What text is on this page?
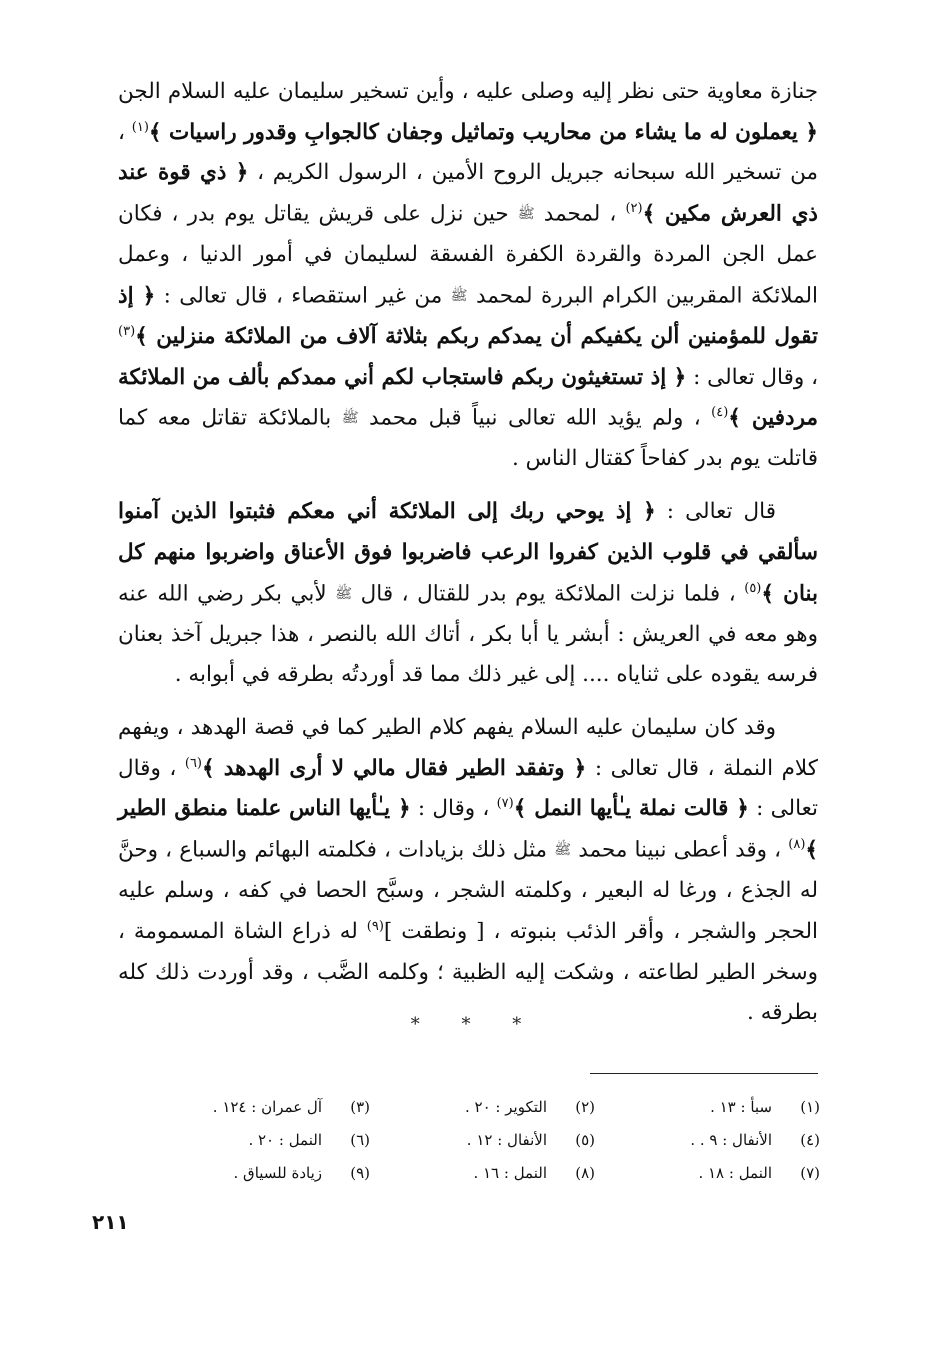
جنازة معاوية حتى نظر إليه وصلى عليه ، وأين تسخير سليمان عليه السلام الجن ﴿ يعملون له ما يشاء من محاريب وتماثيل وجفان كالجوابِ وقدور راسيات ﴾$^{(١)}$ ، من تسخير الله سبحانه جبريل الروح الأمين ، الرسول الكريم ، ﴿ ذي قوة عند ذي العرش مكين ﴾$^{(٢)}$ ، لمحمد ﷺ حين نزل على قريش يقاتل يوم بدر ، فكان عمل الجن المردة والقردة الكفرة الفسقة لسليمان في أمور الدنيا ، وعمل الملائكة المقربين الكرام البررة لمحمد ﷺ من غير استقصاء ، قال تعالى : ﴿ إذ تقول للمؤمنين ألن يكفيكم أن يمدكم ربكم بثلاثة آلاف من الملائكة منزلين ﴾$^{(٣)}$ ، وقال تعالى : ﴿ إذ تستغيثون ربكم فاستجاب لكم أني ممدكم بألف من الملائكة مردفين ﴾$^{(٤)}$ ، ولم يؤيد الله تعالى نبياً قبل محمد ﷺ بالملائكة تقاتل معه كما قاتلت يوم بدر كفاحاً كقتال الناس .

قال تعالى : ﴿ إذ يوحي ربك إلى الملائكة أني معكم فثبتوا الذين آمنوا سألقي في قلوب الذين كفروا الرعب فاضربوا فوق الأعناق واضربوا منهم كل بنان ﴾$^{(٥)}$ ، فلما نزلت الملائكة يوم بدر للقتال ، قال ﷺ لأبي بكر رضي الله عنه وهو معه في العريش : أبشر يا أبا بكر ، أتاك الله بالنصر ، هذا جبريل آخذ بعنان فرسه يقوده على ثناياه .... إلى غير ذلك مما قد أوردتُه بطرقه في أبوابه .

وقد كان سليمان عليه السلام يفهم كلام الطير كما في قصة الهدهد ، ويفهم كلام النملة ، قال تعالى : ﴿ وتفقد الطير فقال مالي لا أرى الهدهد ﴾$^{(٦)}$ ، وقال تعالى : ﴿ قالت نملة يـٰأيها النمل ﴾$^{(٧)}$ ، وقال : ﴿ يـٰأيها الناس علمنا منطق الطير ﴾$^{(٨)}$ ، وقد أعطى نبينا محمد ﷺ مثل ذلك بزيادات ، فكلمته البهائم والسباع ، وحنَّ له الجذع ، ورغا له البعير ، وكلمته الشجر ، وسبَّح الحصا في كفه ، وسلم عليه الحجر والشجر ، وأقر الذئب بنبوته ، [ ونطقت ]$^{(٩)}$ له ذراع الشاة المسمومة ، وسخر الطير لطاعته ، وشكت إليه الظبية ؛ وكلمه الضَّب ، وقد أوردت ذلك كله بطرقه .

* * *
(١)
سبأ : ١٣ .
(٢)
التكوير : ٢٠ .
(٣)
آل عمران : ١٢٤ .
(٤)
الأنفال : ٩ . .
(٥)
الأنفال : ١٢ .
(٦)
النمل : ٢٠ .
(٧)
النمل : ١٨ .
(٨)
النمل : ١٦ .
(٩)
زيادة للسياق .
٢١١
